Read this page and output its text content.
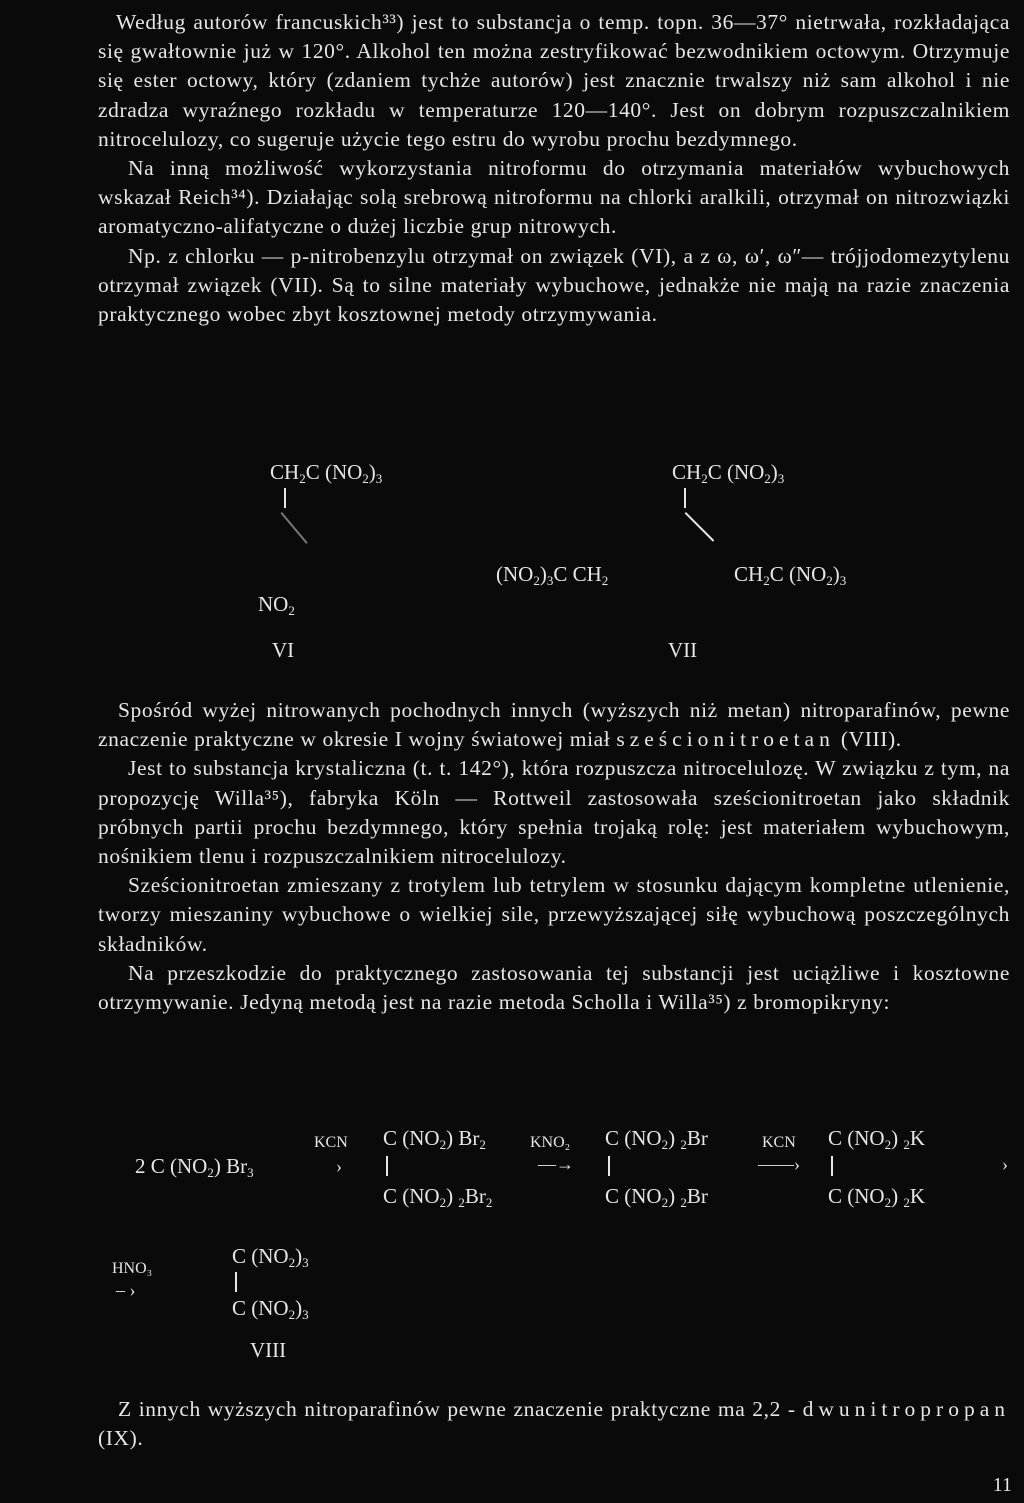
Według autorów francuskich³³) jest to substancja o temp. topn. 36—37° nietrwała, rozkładająca się gwałtownie już w 120°. Alkohol ten można zestryfikować bezwodnikiem octowym. Otrzymuje się ester octowy, który (zdaniem tychże autorów) jest znacznie trwalszy niż sam alkohol i nie zdradza wyraźnego rozkładu w temperaturze 120—140°. Jest on dobrym rozpuszczalnikiem nitrocelulozy, co sugeruje użycie tego estru do wyrobu prochu bezdymnego.

Na inną możliwość wykorzystania nitroformu do otrzymania materiałów wybuchowych wskazał Reich³⁴). Działając solą srebrową nitroformu na chlorki aralkili, otrzymał on nitrozwiązki aromatyczno-alifatyczne o dużej liczbie grup nitrowych.

Np. z chlorku — p-nitrobenzylu otrzymał on związek (VI), a z ω, ω′, ω″— trójjodomezytylenu otrzymał związek (VII). Są to silne materiały wybuchowe, jednakże nie mają na razie znaczenia praktycznego wobec zbyt kosztownej metody otrzymywania.

$CH_2C$ $(NO_2)_3$
$NO_2$
VI
$CH_2C$ $(NO_2)_3$
$(NO_2)_3C$ $CH_2$	$CH_2C$ $(NO_2)_3$
VII

Spośród wyżej nitrowanych pochodnych innych (wyższych niż metan) nitroparafinów, pewne znaczenie praktyczne w okresie I wojny światowej miał sześcionitroetan (VIII).

Jest to substancja krystaliczna (t. t. 142°), która rozpuszcza nitrocelulozę. W związku z tym, na propozycję Willa³⁵), fabryka Köln — Rottweil zastosowała sześcionitroetan jako składnik próbnych partii prochu bezdymnego, który spełnia trojaką rolę: jest materiałem wybuchowym, nośnikiem tlenu i rozpuszczalnikiem nitrocelulozy.

Sześcionitroetan zmieszany z trotylem lub tetrylem w stosunku dającym kompletne utlenienie, tworzy mieszaniny wybuchowe o wielkiej sile, przewyższającej siłę wybuchową poszczególnych składników.

Na przeszkodzie do praktycznego zastosowania tej substancji jest uciążliwe i kosztowne otrzymywanie. Jedyną metodą jest na razie metoda Scholla i Willa³⁵) z bromopikryny:

2 C $(NO_2)$ $Br_3$
KCN
›
C $(NO_2)$ $Br_2$
C $(NO_2)$ $_2Br_2$
KNO₂
—→
C $(NO_2)$ $_2$Br
C $(NO_2)$ $_2$Br
KCN
——›
C $(NO_2)$ $_2$K
C $(NO_2)$ $_2$K
›
HNO₃
– ›
C $(NO_2)_3$
C $(NO_2)_3$
VIII

Z innych wyższych nitroparafinów pewne znaczenie praktyczne ma 2,2 - dwunitropropan (IX).

11
